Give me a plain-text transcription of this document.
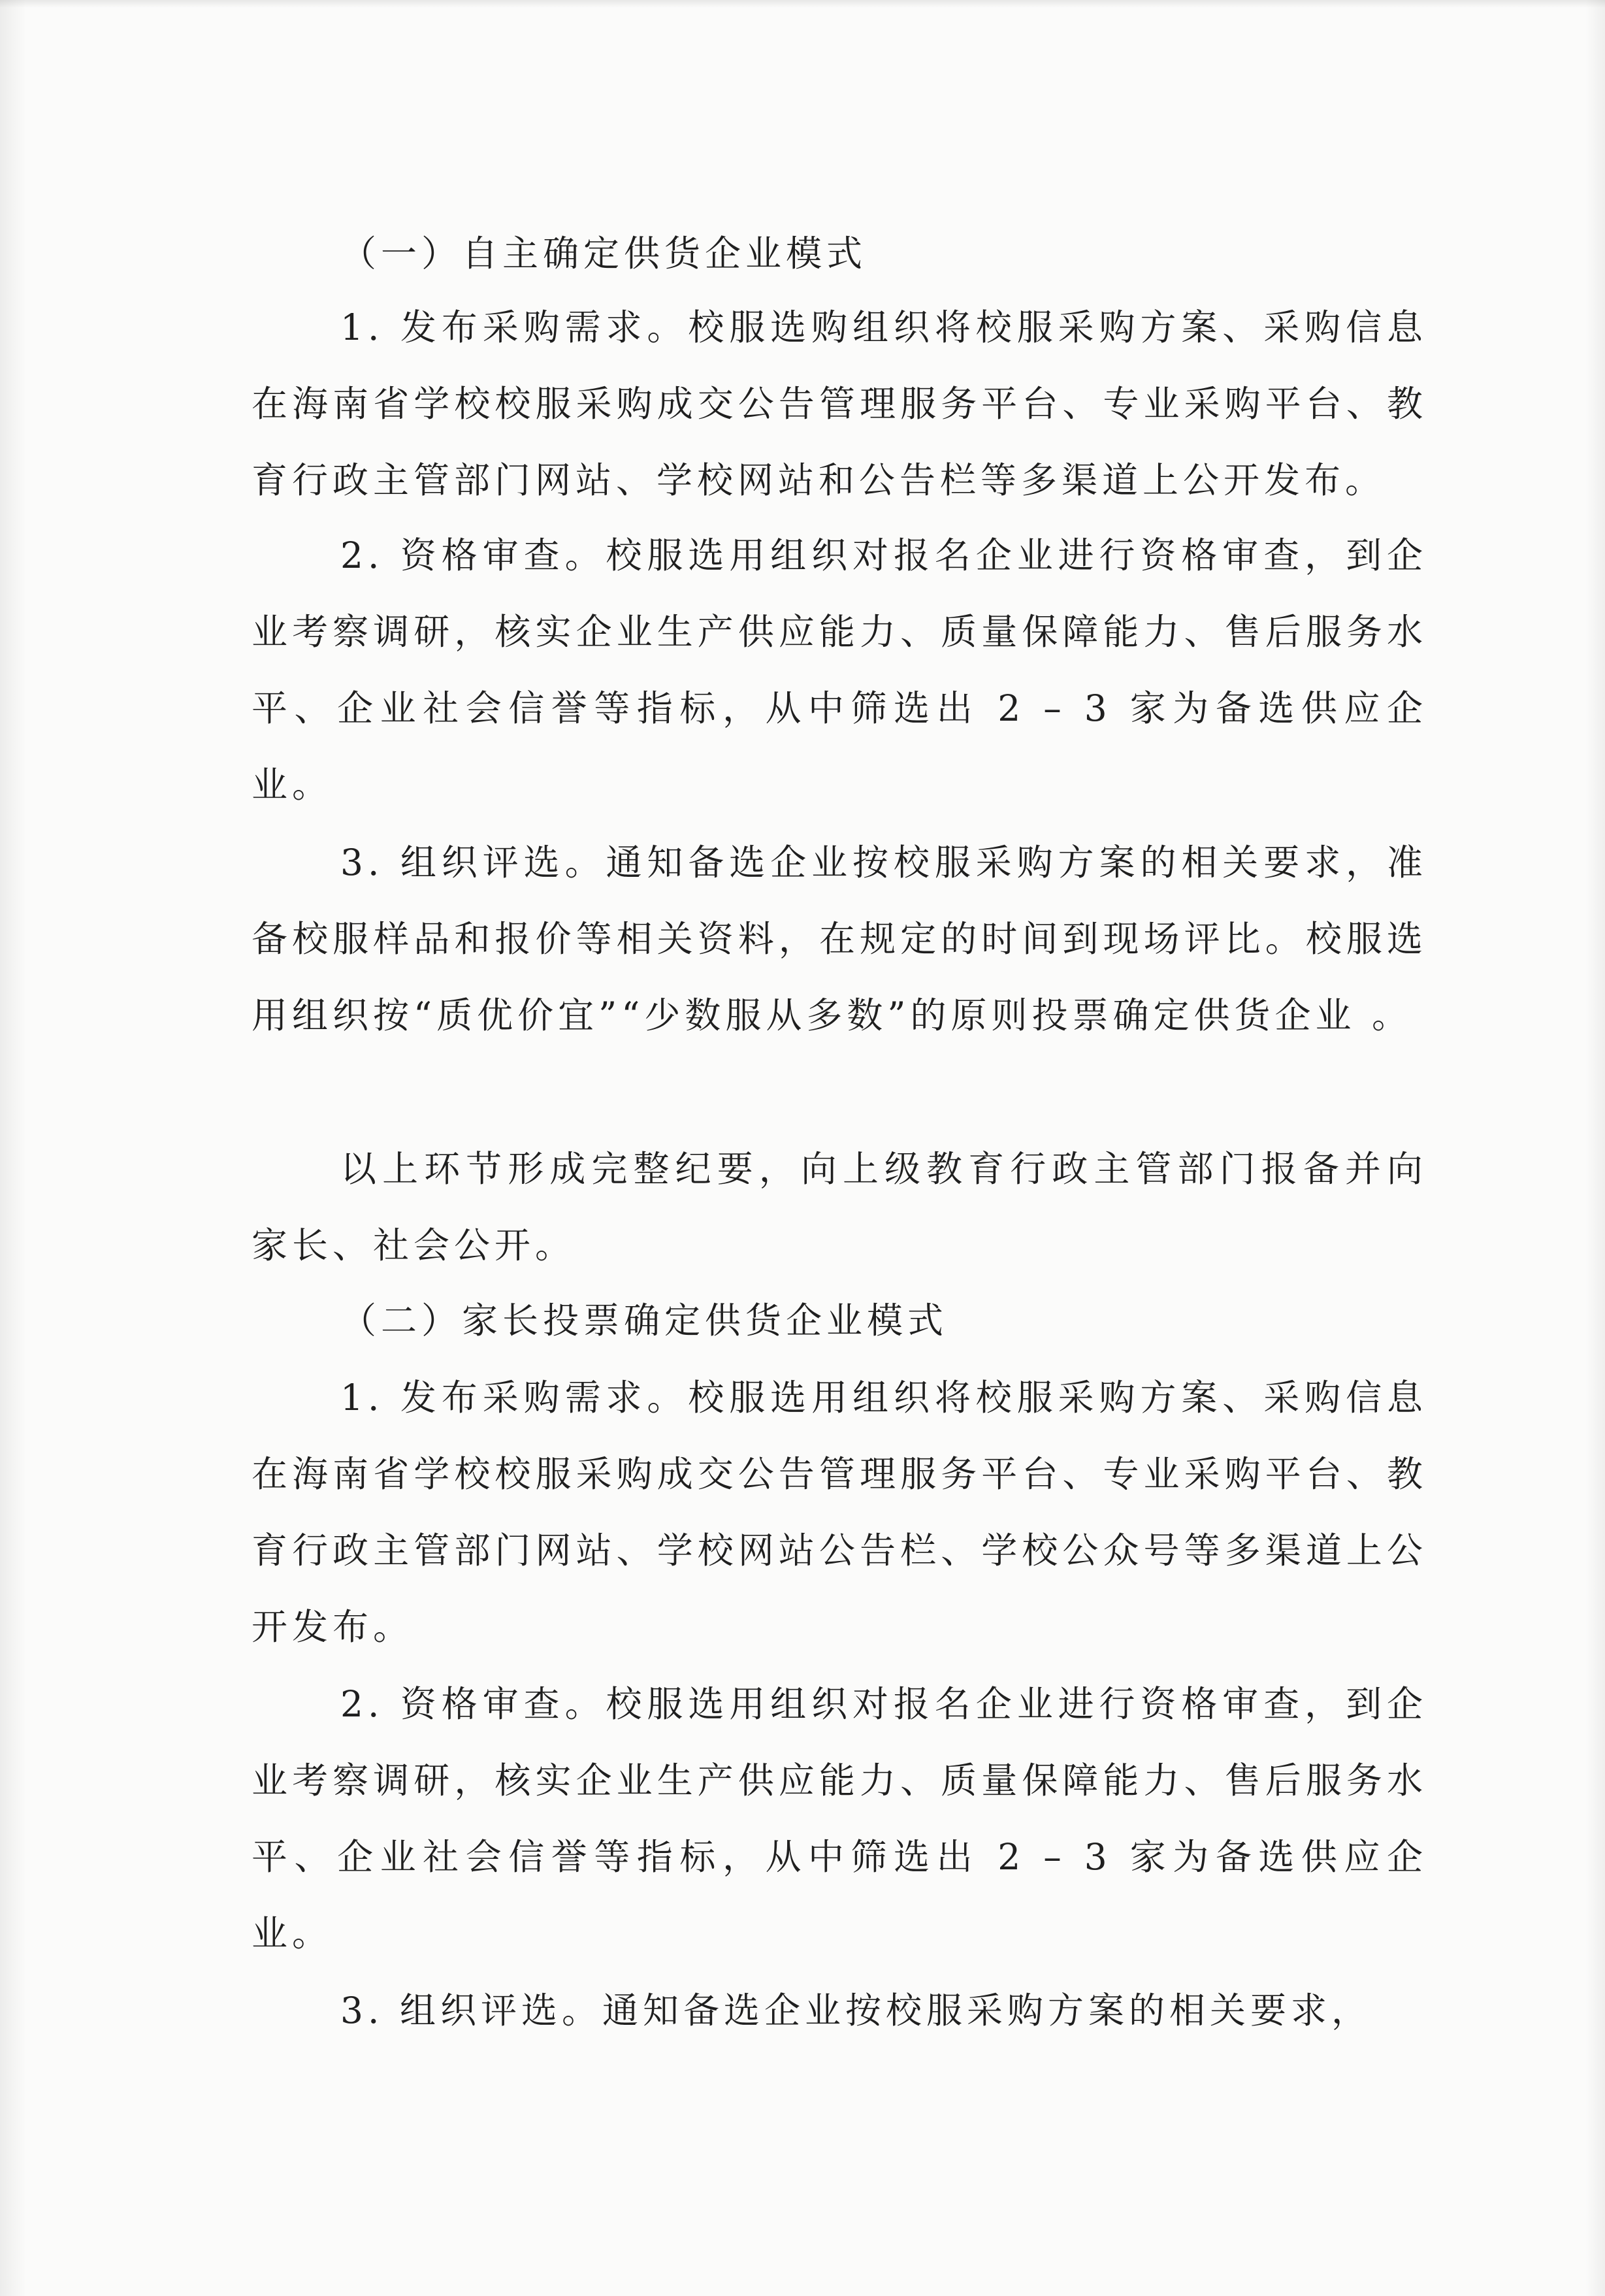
（一）自主确定供货企业模式

1. 发布采购需求。校服选购组织将校服采购方案、采购信息在海南省学校校服采购成交公告管理服务平台、专业采购平台、教育行政主管部门网站、学校网站和公告栏等多渠道上公开发布。

2. 资格审查。校服选用组织对报名企业进行资格审查，到企业考察调研，核实企业生产供应能力、质量保障能力、售后服务水平、企业社会信誉等指标，从中筛选出 2 – 3 家为备选供应企业。

3. 组织评选。通知备选企业按校服采购方案的相关要求，准备校服样品和报价等相关资料，在规定的时间到现场评比。校服选用组织按“质优价宜”“少数服从多数”的原则投票确定供货企业 。

以上环节形成完整纪要，向上级教育行政主管部门报备并向家长、社会公开。

（二）家长投票确定供货企业模式

1. 发布采购需求。校服选用组织将校服采购方案、采购信息在海南省学校校服采购成交公告管理服务平台、专业采购平台、教育行政主管部门网站、学校网站公告栏、学校公众号等多渠道上公开发布。

2. 资格审查。校服选用组织对报名企业进行资格审查，到企业考察调研，核实企业生产供应能力、质量保障能力、售后服务水平、企业社会信誉等指标，从中筛选出 2 – 3 家为备选供应企业。

3. 组织评选。通知备选企业按校服采购方案的相关要求，
